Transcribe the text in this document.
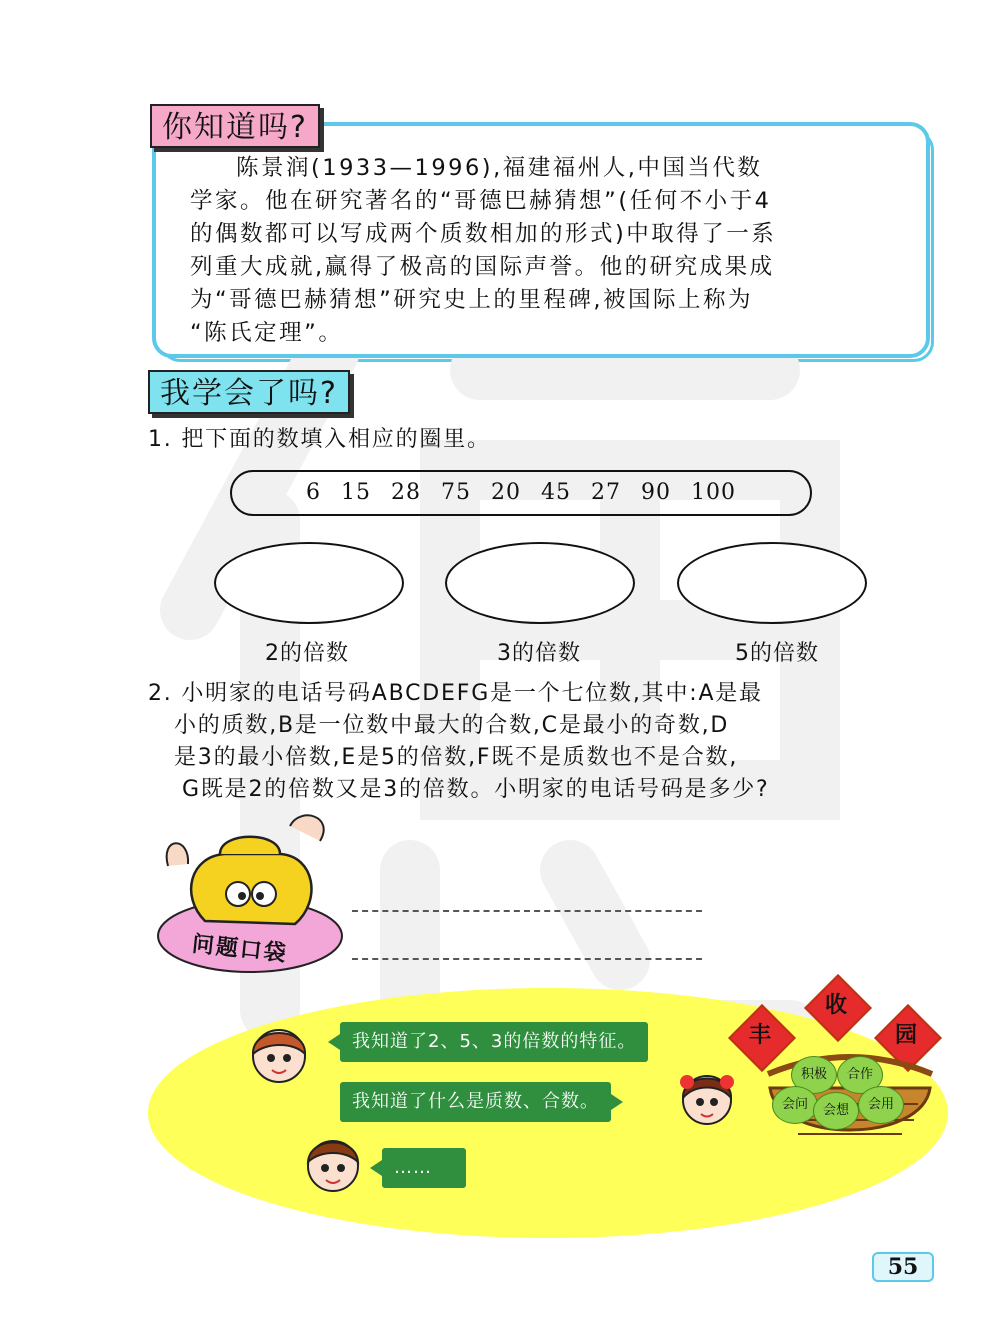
你知道吗?
陈景润(1933—1996),福建福州人,中国当代数
学家。他在研究著名的“哥德巴赫猜想”(任何不小于4
的偶数都可以写成两个质数相加的形式)中取得了一系
列重大成就,赢得了极高的国际声誉。他的研究成果成
为“哥德巴赫猜想”研究史上的里程碑,被国际上称为
“陈氏定理”。
我学会了吗?
1. 把下面的数填入相应的圈里。
6 15 28 75 20 45 27 90 100
2的倍数	3的倍数	5的倍数
2. 小明家的电话号码ABCDEFG是一个七位数,其中:A是最
小的质数,B是一位数中最大的合数,C是最小的奇数,D
是3的最小倍数,E是5的倍数,F既不是质数也不是合数,
G既是2的倍数又是3的倍数。小明家的电话号码是多少?
问题口袋
我知道了2、5、3的倍数的特征。
我知道了什么是质数、合数。
……
丰
收
园
积极	合作
会问	会想	会用
55
